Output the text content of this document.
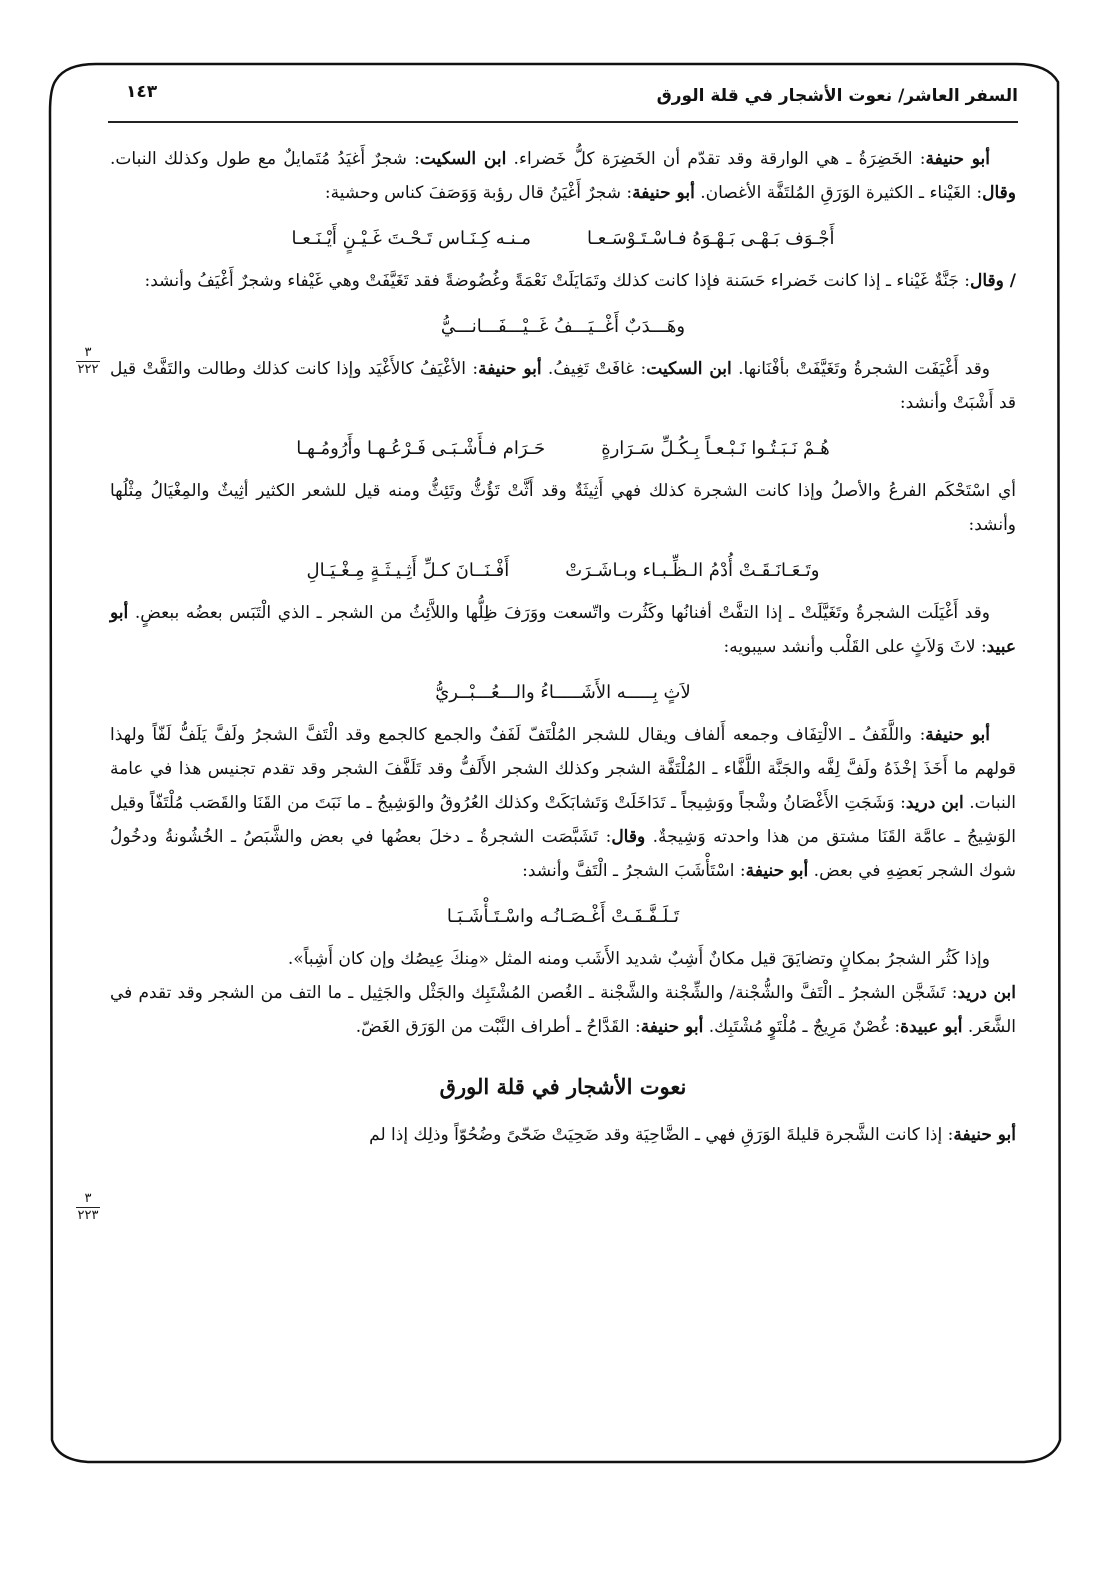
السفر العاشر/ نعوت الأشجار في قلة الورق
١٤٣
٣
٢٢٢
٣
٢٢٣

أبو حنيفة: الخَضِرَةُ ـ هي الوارقة وقد تقدّم أن الخَضِرَة كلُّ خَضراء. ابن السكيت: شجرٌ أَغيَدُ مُتَمايلٌ مع طول وكذلك النبات. وقال: الغَيْناء ـ الكثيرة الوَرَقِ المُلتَفَّة الأغصان. أبو حنيفة: شجرٌ أَغْيَنُ قال رؤبة وَوَصَفَ كناس وحشية:

أَجْـوَف بَـهْـى بَـهْـوَهُ فـاسْـتَـوْسَـعـامـنـه كِـنَـاس تَـحْـتَ غَـيْـنٍ أَيْـنَـعـا

/ وقال: جَنَّةٌ غَيْناء ـ إذا كانت خَضراء حَسَنة فإذا كانت كذلك وتَمَايَلَتْ نَعْمَةً وغُضُوضةً فقد تَغَيَّفَتْ وهي غَيْفاء وشجرٌ أَغْيَفُ وأنشد:

وهَـــدَبٌ أَغْــيَـــفُ غَــيْـــفَـــانـــيُّ

وقد أَغْيَفَت الشجرةُ وتَغَيَّفَتْ بأفْنَانها. ابن السكيت: غافَتْ تَغِيفُ. أبو حنيفة: الأغْيَفُ كالأَغْيَد وإذا كانت كذلك وطالت والتَفَّتْ قيل قد أَشْبَتْ وأنشد:

هُـمْ نَـبَـتُـوا نَـبْـعـاً بِـكُـلِّ سَـرَارةٍحَـرَام فـأَشْـبَـى فَـرْعُـهـا وأَرُومُـهـا

أي اسْتَحْكَم الفرعُ والأصلُ وإذا كانت الشجرة كذلك فهي أَثِيثَةٌ وقد أَثَّتْ تَؤُثُّ وتَئِثُّ ومنه قيل للشعر الكثير أثِيثٌ والمِغْيَالُ مِثْلُها وأنشد:

وتَـعَـانَـقَـتْ أُدْمُ الـظِّـبـاء وبـاشَـرَتْأَفْـنَــانَ كـلِّ أَثِـيـثَـةٍ مِـغْـيَـالِ

وقد أَغْيَلَت الشجرةُ وتَغَيَّلَتْ ـ إذا التفَّتْ أفنانُها وكَثُرت واتّسعت ووَرَفَ ظِلُّها واللاَّئِثُ من الشجر ـ الذي الْتَبَس بعضُه ببعضٍ. أبو عبيد: لاثَ وَلاَثٍ على القَلْب وأنشد سيبويه:

لاَثٍ بِـــــه الأَشَـــــاءُ والـــعُـــبْــريُّ

أبو حنيفة: واللَّفَفُ ـ الالْتِفَاف وجمعه أَلفاف ويقال للشجر المُلْتَفّ لَفَفٌ والجمع كالجمع وقد الْتَفَّ الشجرُ ولَفَّ يَلَفُّ لَفّاً ولهذا قولهم ما أَخَذَ إخْذَهُ ولَفَّ لِفَّه والجَنَّة اللَّفَّاء ـ المُلْتَفَّة الشجر وكذلك الشجر الأَلَفُّ وقد تَلَفَّفَ الشجر وقد تقدم تجنيس هذا في عامة النبات. ابن دريد: وَشَجَتِ الأَغْصَانُ وشْجاً ووَشِيجاً ـ تَدَاخَلَتْ وَتَشابَكَتْ وكذلك العُرُوقُ والوَشِيجُ ـ ما نَبَتَ من القَنَا والقَصَب مُلْتَفّاً وقيل الوَشِيجُ ـ عامَّة القَنَا مشتق من هذا واحدته وَشِيجةٌ. وقال: تَشَبَّصَت الشجرةُ ـ دخلَ بعضُها في بعض والشَّبَصُ ـ الخُشُونةُ ودخُولُ شوك الشجر بَعضِهِ في بعض. أبو حنيفة: اسْتَأْشَبَ الشجرُ ـ الْتَفَّ وأنشد:

تَـلَـفَّـفَـتْ أَغْـصَـانُـه واسْـتَـأْشَـبَـا

وإذا كَثُر الشجرُ بمكانٍ وتضايَقَ قيل مكانٌ أَشِبٌ شديد الأَشَب ومنه المثل «مِنكَ عِيصُك وإن كان أَشِباً».

ابن دريد: تَشَجَّن الشجرُ ـ الْتَفَّ والشُّجْنة/ والشِّجْنة والشَّجْنة ـ الغُصن المُشْتَبِك والجَثْل والجَثِيل ـ ما التف من الشجر وقد تقدم في الشَّعَر. أبو عبيدة: غُصْنٌ مَرِيجٌ ـ مُلْتَوٍ مُشْتَبِك. أبو حنيفة: القَدَّاحُ ـ أطراف النَّبْت من الوَرَق الغَضّ.

نعوت الأشجار في قلة الورق

أبو حنيفة: إذا كانت الشَّجرة قليلةَ الوَرَقِ فهي ـ الضَّاحِيَة وقد ضَحِيَتْ ضَحّىً وضُحُوّاً وذلِك إذا لم
